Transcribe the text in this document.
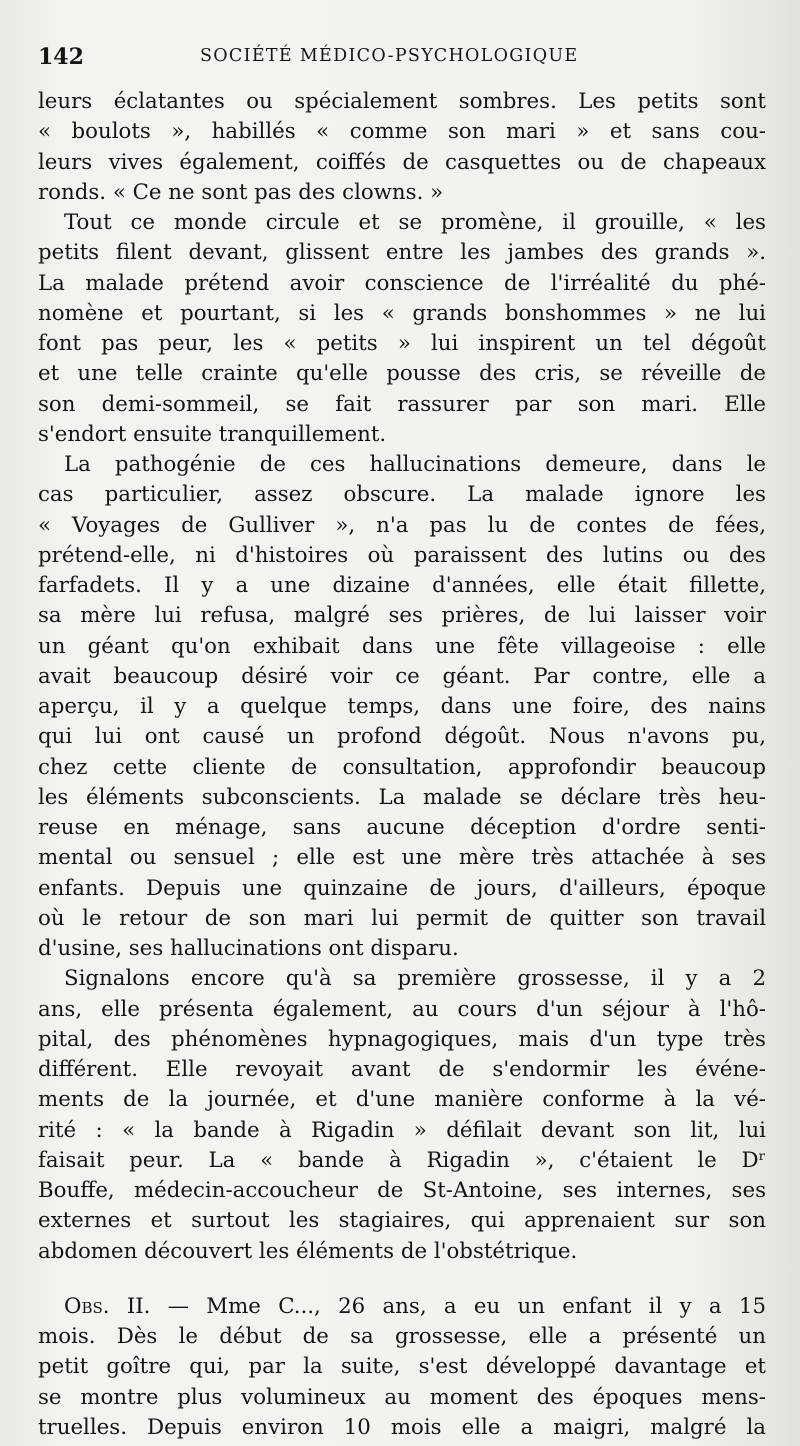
142	SOCIÉTÉ MÉDICO-PSYCHOLOGIQUE
leurs éclatantes ou spécialement sombres. Les petits sont
« boulots », habillés « comme son mari » et sans cou-
leurs vives également, coiffés de casquettes ou de chapeaux
ronds. « Ce ne sont pas des clowns. »
Tout ce monde circule et se promène, il grouille, « les
petits filent devant, glissent entre les jambes des grands ».
La malade prétend avoir conscience de l'irréalité du phé-
nomène et pourtant, si les « grands bonshommes » ne lui
font pas peur, les « petits » lui inspirent un tel dégoût
et une telle crainte qu'elle pousse des cris, se réveille de
son demi-sommeil, se fait rassurer par son mari. Elle
s'endort ensuite tranquillement.
La pathogénie de ces hallucinations demeure, dans le
cas particulier, assez obscure. La malade ignore les
« Voyages de Gulliver », n'a pas lu de contes de fées,
prétend-elle, ni d'histoires où paraissent des lutins ou des
farfadets. Il y a une dizaine d'années, elle était fillette,
sa mère lui refusa, malgré ses prières, de lui laisser voir
un géant qu'on exhibait dans une fête villageoise : elle
avait beaucoup désiré voir ce géant. Par contre, elle a
aperçu, il y a quelque temps, dans une foire, des nains
qui lui ont causé un profond dégoût. Nous n'avons pu,
chez cette cliente de consultation, approfondir beaucoup
les éléments subconscients. La malade se déclare très heu-
reuse en ménage, sans aucune déception d'ordre senti-
mental ou sensuel ; elle est une mère très attachée à ses
enfants. Depuis une quinzaine de jours, d'ailleurs, époque
où le retour de son mari lui permit de quitter son travail
d'usine, ses hallucinations ont disparu.
Signalons encore qu'à sa première grossesse, il y a 2
ans, elle présenta également, au cours d'un séjour à l'hô-
pital, des phénomènes hypnagogiques, mais d'un type très
différent. Elle revoyait avant de s'endormir les événe-
ments de la journée, et d'une manière conforme à la vé-
rité : « la bande à Rigadin » défilait devant son lit, lui
faisait peur. La « bande à Rigadin », c'étaient le Dʳ
Bouffe, médecin-accoucheur de St-Antoine, ses internes, ses
externes et surtout les stagiaires, qui apprenaient sur son
abdomen découvert les éléments de l'obstétrique.
Obs. II. — Mme C..., 26 ans, a eu un enfant il y a 15
mois. Dès le début de sa grossesse, elle a présenté un
petit goître qui, par la suite, s'est développé davantage et
se montre plus volumineux au moment des époques mens-
truelles. Depuis environ 10 mois elle a maigri, malgré la
